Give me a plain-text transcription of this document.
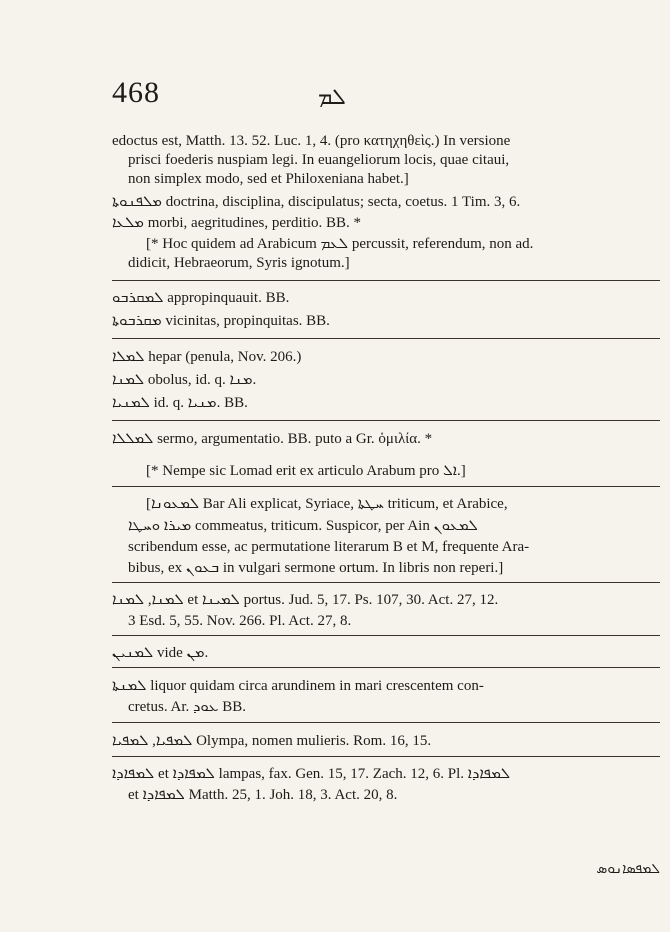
468	ܠܡ
edoctus est, Matth. 13. 52. Luc. 1, 4. (pro κατηχηθεὶς.) In versione
prisci foederis nuspiam legi. In euangeliorum locis, quae citaui,
non simplex modo, sed et Philoxeniana habet.]
ܡܠܦܢܘܬܐ doctrina, disciplina, discipulatus; secta, coetus. 1 Tim. 3, 6.
ܡܠܥܐ morbi, aegritudines, perditio. BB. *
[* Hoc quidem ad Arabicum ܠܥܡ percussit, referendum, non ad.
didicit, Hebraeorum, Syris ignotum.]
ܠܡܩܪܒܘ appropinquauit. BB.
ܡܩܪܒܘܬܐ vicinitas, propinquitas. BB.
ܠܡܠܐ hepar (penula, Nov. 206.)
ܠܡܢܐ obolus, id. q. ܡܢܐ.
ܠܡܢܝܐ id. q. ܡܢܝܐ. BB.
ܠܡܠܠܐ sermo, argumentatio. BB. puto a Gr. ὁμιλία. *
[* Nempe sic Lomad erit ex articulo Arabum pro ܐܠ.]
[ܠܡܥܘܢܐ Bar Ali explicat, Syriace, ܚܛܬܐ triticum, et Arabice,
ܡܝܪܐ ܘܚܛܐ commeatus, triticum. Suspicor, per Ain ܠܡܥܘܢ
scribendum esse, ac permutatione literarum B et M, frequente Ara-
bibus, ex ܒܥܘܢ in vulgari sermone ortum. In libris non reperi.]
ܠܡܢܐ, ܠܡܢܐ et ܠܡܝܢܐ portus. Jud. 5, 17. Ps. 107, 30. Act. 27, 12.
3 Esd. 5, 55. Nov. 266. Pl. Act. 27, 8.
ܠܡܢܝܢ vide ܡܢ.
ܠܡܢܬܐ liquor quidam circa arundinem in mari crescentem con-
cretus. Ar. ܥܘܕ BB.
ܠܡܦܝܐ, ܠܡܦܝܐ Olympa, nomen mulieris. Rom. 16, 15.
ܠܡܦܐܕܐ et ܠܡܦܐܕܐ lampas, fax. Gen. 15, 17. Zach. 12, 6. Pl. ܠܡܦܐܕܐ
et ܠܡܦܐܕܐ Matth. 25, 1. Joh. 18, 3. Act. 20, 8.
ܠܡܦܣܐܢܘܣ
